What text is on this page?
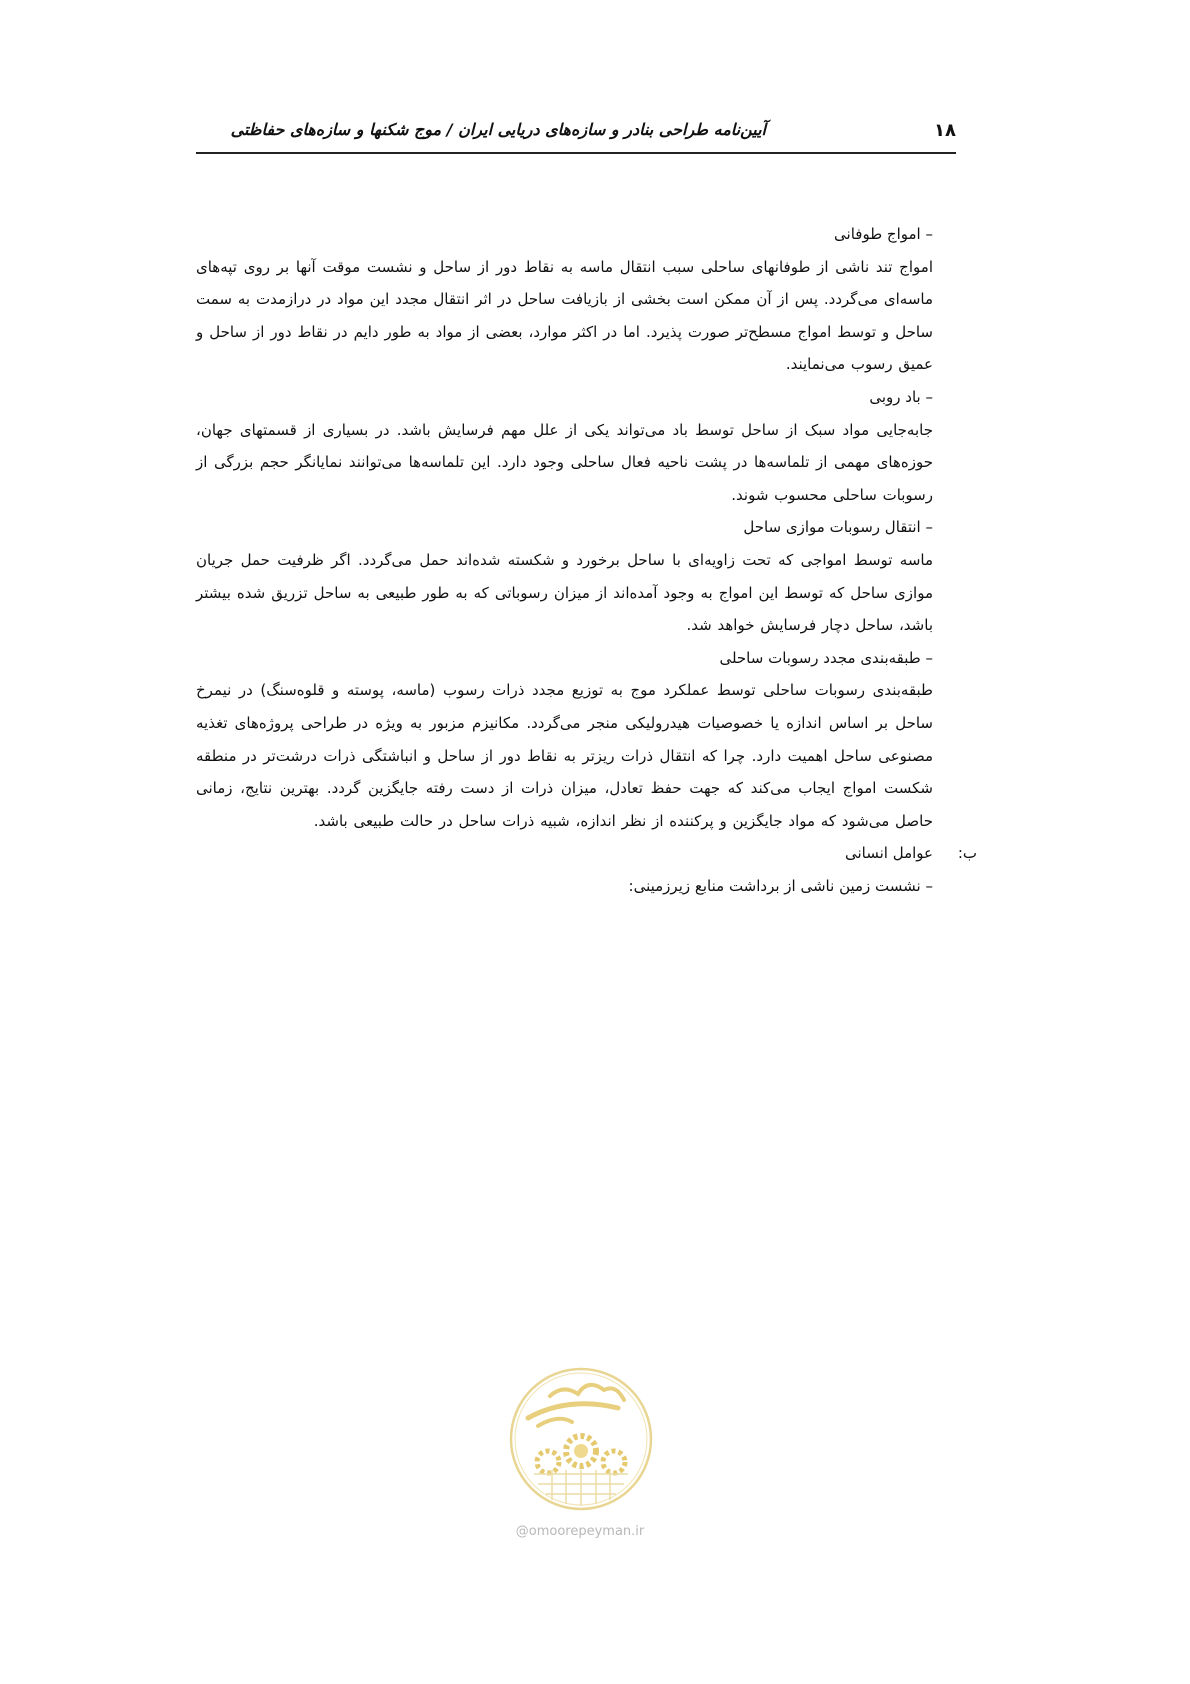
آیین‌نامه طراحی بنادر و سازه‌های دریایی ایران / موج شکنها و سازه‌های حفاظتی	۱۸

– امواج طوفانی

امواج تند ناشی از طوفانهای ساحلی سبب انتقال ماسه به نقاط دور از ساحل و نشست موقت آنها بر روی تپه‌های ماسه‌ای می‌گردد. پس از آن ممکن است بخشی از بازیافت ساحل در اثر انتقال مجدد این مواد در درازمدت به سمت ساحل و توسط امواج مسطح‌تر صورت پذیرد. اما در اکثر موارد، بعضی از مواد به طور دایم در نقاط دور از ساحل و عمیق رسوب می‌نمایند.

– باد روبی

جابه‌جایی مواد سبک از ساحل توسط باد می‌تواند یکی از علل مهم فرسایش باشد. در بسیاری از قسمتهای جهان، حوزه‌های مهمی از تلماسه‌ها در پشت ناحیه فعال ساحلی وجود دارد. این تلماسه‌ها می‌توانند نمایانگر حجم بزرگی از رسوبات ساحلی محسوب شوند.

– انتقال رسوبات موازی ساحل

ماسه توسط امواجی که تحت زاویه‌ای با ساحل برخورد و شکسته شده‌اند حمل می‌گردد. اگر ظرفیت حمل جریان موازی ساحل که توسط این امواج به وجود آمده‌اند از میزان رسوباتی که به طور طبیعی به ساحل تزریق شده بیشتر باشد، ساحل دچار فرسایش خواهد شد.

– طبقه‌بندی مجدد رسوبات ساحلی

طبقه‌بندی رسوبات ساحلی توسط عملکرد موج به توزیع مجدد ذرات رسوب (ماسه، پوسته و قلوه‌سنگ) در نیمرخ ساحل بر اساس اندازه یا خصوصیات هیدرولیکی منجر می‌گردد. مکانیزم مزبور به ویژه در طراحی پروژه‌های تغذیه مصنوعی ساحل اهمیت دارد. چرا که انتقال ذرات ریزتر به نقاط دور از ساحل و انباشتگی ذرات درشت‌تر در منطقه شکست امواج ایجاب می‌کند که جهت حفظ تعادل، میزان ذرات از دست رفته جایگزین گردد. بهترین نتایج، زمانی حاصل می‌شود که مواد جایگزین و پرکننده از نظر اندازه، شبیه ذرات ساحل در حالت طبیعی باشد.

ب:
عوامل انسانی

– نشست زمین ناشی از برداشت منابع زیرزمینی:

@omoorepeyman.ir
